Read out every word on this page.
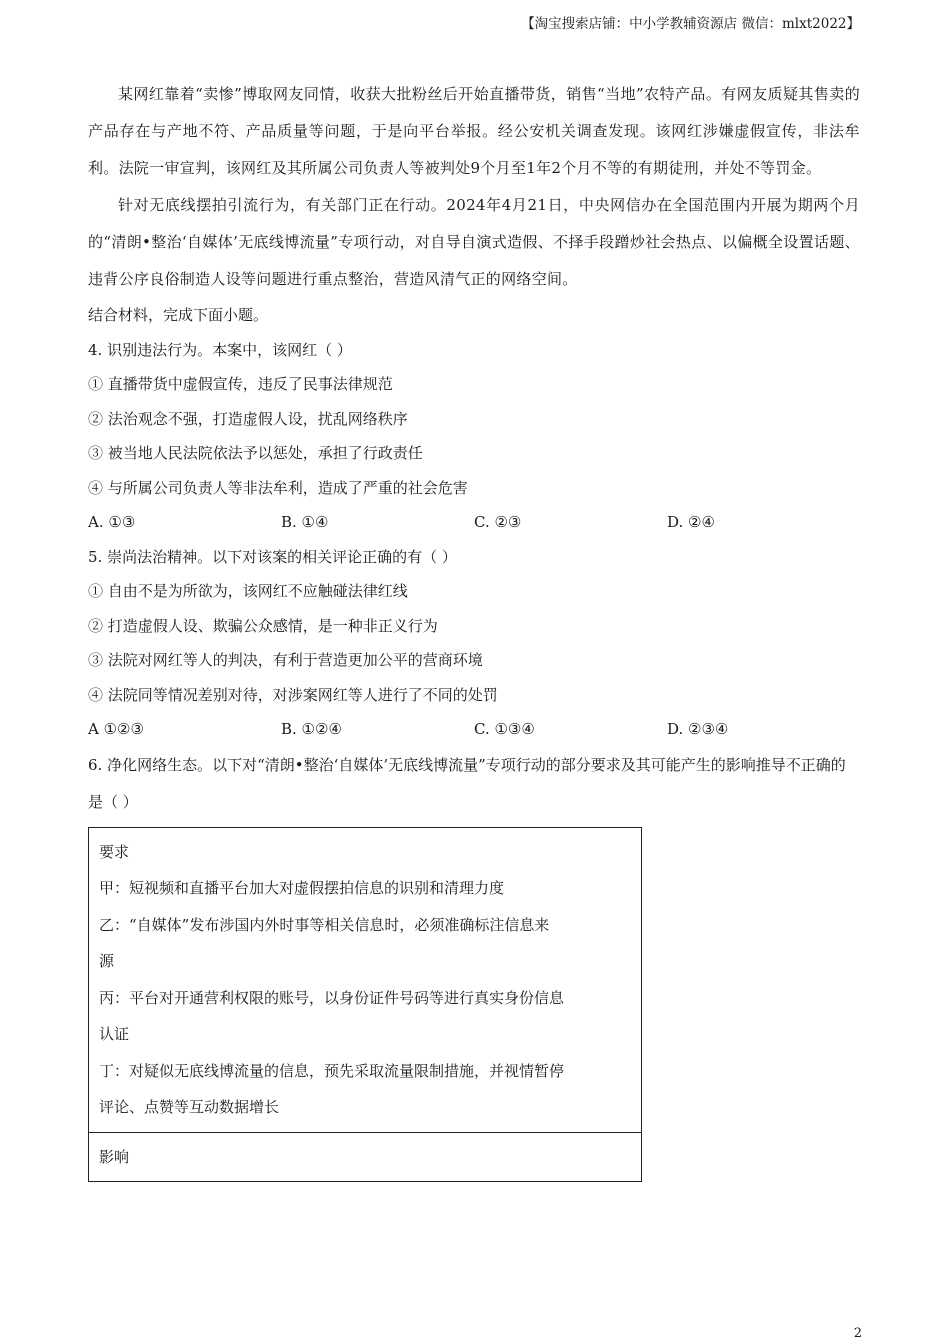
【淘宝搜索店铺：中小学教辅资源店 微信：mlxt2022】

某网红靠着“卖惨”博取网友同情，收获大批粉丝后开始直播带货，销售“当地”农特产品。有网友质疑其售卖的产品存在与产地不符、产品质量等问题，于是向平台举报。经公安机关调查发现。该网红涉嫌虚假宣传，非法牟利。法院一审宣判，该网红及其所属公司负责人等被判处9个月至1年2个月不等的有期徒刑，并处不等罚金。

针对无底线摆拍引流行为，有关部门正在行动。2024年4月21日，中央网信办在全国范围内开展为期两个月的“清朗•整治‘自媒体’无底线博流量”专项行动，对自导自演式造假、不择手段蹭炒社会热点、以偏概全设置话题、违背公序良俗制造人设等问题进行重点整治，营造风清气正的网络空间。

结合材料，完成下面小题。

4. 识别违法行为。本案中，该网红（ ）

① 直播带货中虚假宣传，违反了民事法律规范

② 法治观念不强，打造虚假人设，扰乱网络秩序

③ 被当地人民法院依法予以惩处，承担了行政责任

④ 与所属公司负责人等非法牟利，造成了严重的社会危害

A. ①③	B. ①④	C. ②③	D. ②④

5. 崇尚法治精神。以下对该案的相关评论正确的有（ ）

① 自由不是为所欲为，该网红不应触碰法律红线

② 打造虚假人设、欺骗公众感情，是一种非正义行为

③ 法院对网红等人的判决，有利于营造更加公平的营商环境

④ 法院同等情况差别对待，对涉案网红等人进行了不同的处罚

A ①②③	B. ①②④	C. ①③④	D. ②③④

6. 净化网络生态。以下对“清朗•整治‘自媒体’无底线博流量”专项行动的部分要求及其可能产生的影响推导不正确的是（ ）

要求

甲：短视频和直播平台加大对虚假摆拍信息的识别和清理力度

乙：“自媒体”发布涉国内外时事等相关信息时，必须准确标注信息来

源

丙：平台对开通营利权限的账号，以身份证件号码等进行真实身份信息

认证

丁：对疑似无底线博流量的信息，预先采取流量限制措施，并视情暂停

评论、点赞等互动数据增长

影响

2
